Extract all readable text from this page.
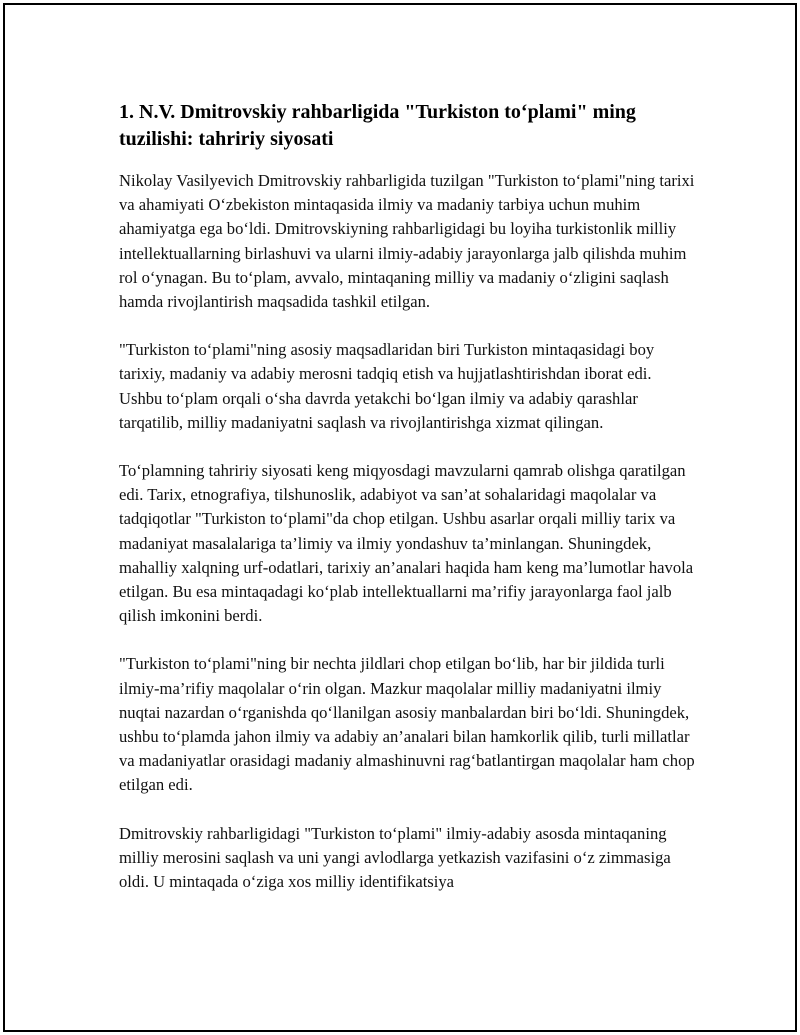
1. N.V. Dmitrovskiy rahbarligida "Turkiston to‘plami" ming tuzilishi: tahririy siyosati

Nikolay Vasilyevich Dmitrovskiy rahbarligida tuzilgan "Turkiston to‘plami"ning tarixi va ahamiyati O‘zbekiston mintaqasida ilmiy va madaniy tarbiya uchun muhim ahamiyatga ega bo‘ldi. Dmitrovskiyning rahbarligidagi bu loyiha turkistonlik milliy intellektuallarning birlashuvi va ularni ilmiy-adabiy jarayonlarga jalb qilishda muhim rol o‘ynagan. Bu to‘plam, avvalo, mintaqaning milliy va madaniy o‘zligini saqlash hamda rivojlantirish maqsadida tashkil etilgan.

"Turkiston to‘plami"ning asosiy maqsadlaridan biri Turkiston mintaqasidagi boy tarixiy, madaniy va adabiy merosni tadqiq etish va hujjatlashtirishdan iborat edi. Ushbu to‘plam orqali o‘sha davrda yetakchi bo‘lgan ilmiy va adabiy qarashlar tarqatilib, milliy madaniyatni saqlash va rivojlantirishga xizmat qilingan.

To‘plamning tahririy siyosati keng miqyosdagi mavzularni qamrab olishga qaratilgan edi. Tarix, etnografiya, tilshunoslik, adabiyot va san’at sohalaridagi maqolalar va tadqiqotlar "Turkiston to‘plami"da chop etilgan. Ushbu asarlar orqali milliy tarix va madaniyat masalalariga ta’limiy va ilmiy yondashuv ta’minlangan. Shuningdek, mahalliy xalqning urf-odatlari, tarixiy an’analari haqida ham keng ma’lumotlar havola etilgan. Bu esa mintaqadagi ko‘plab intellektuallarni ma’rifiy jarayonlarga faol jalb qilish imkonini berdi.

"Turkiston to‘plami"ning bir nechta jildlari chop etilgan bo‘lib, har bir jildida turli ilmiy-ma’rifiy maqolalar o‘rin olgan. Mazkur maqolalar milliy madaniyatni ilmiy nuqtai nazardan o‘rganishda qo‘llanilgan asosiy manbalardan biri bo‘ldi. Shuningdek, ushbu to‘plamda jahon ilmiy va adabiy an’analari bilan hamkorlik qilib, turli millatlar va madaniyatlar orasidagi madaniy almashinuvni rag‘batlantirgan maqolalar ham chop etilgan edi.

Dmitrovskiy rahbarligidagi "Turkiston to‘plami" ilmiy-adabiy asosda mintaqaning milliy merosini saqlash va uni yangi avlodlarga yetkazish vazifasini o‘z zimmasiga oldi. U mintaqada o‘ziga xos milliy identifikatsiya
